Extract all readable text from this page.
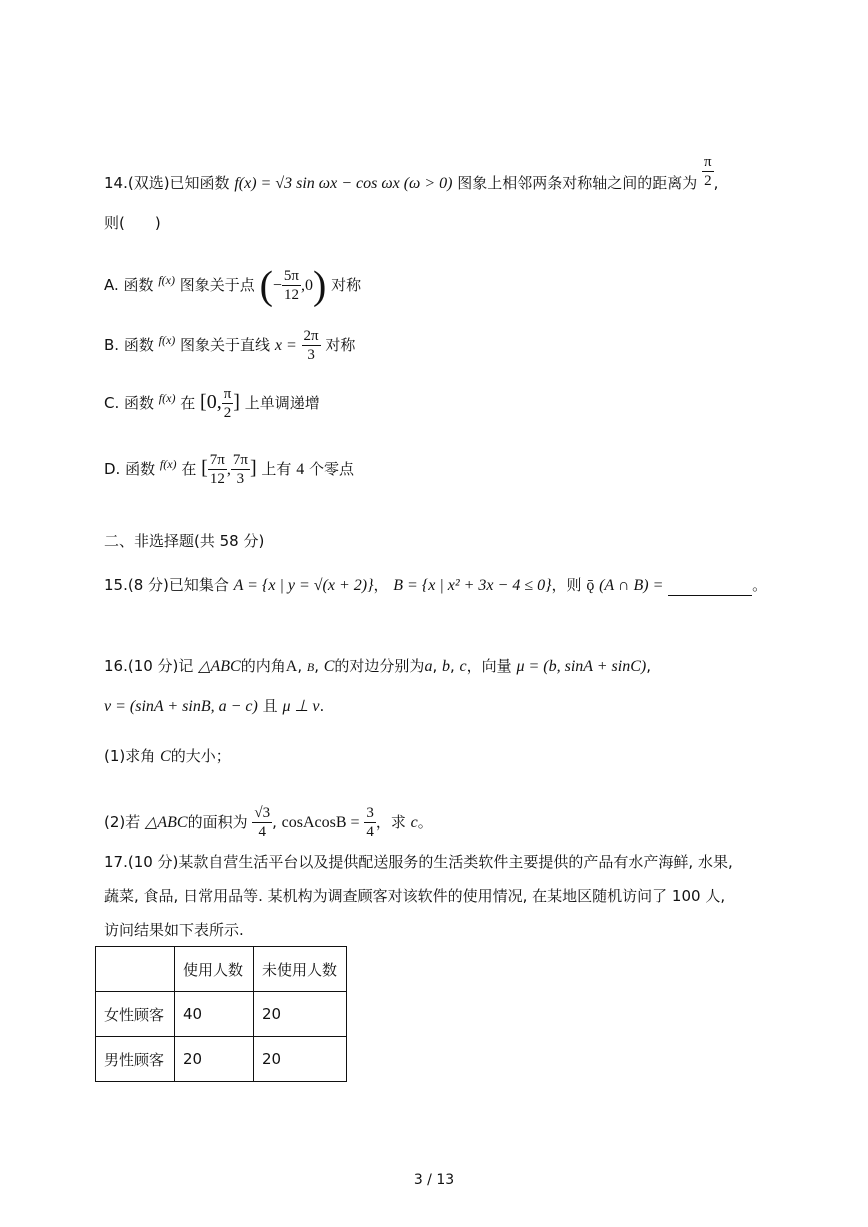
14.(双选)已知函数 f(x) = √3 sin ωx − cos ωx (ω > 0) 图象上相邻两条对称轴之间的距离为 $\frac{\pi}{2}$ ,
则(　　)
A. 函数 $^{f(x)}$ 图象关于点 (− $\frac{5\pi}{12} ,0$) 对称
B. 函数 $^{f(x)}$ 图象关于直线 $x = \frac{2\pi}{3}$ 对称
C. 函数 $^{f(x)}$ 在 [0, $\frac{\pi}{2}$ ] 上单调递增
D. 函数 $^{f(x)}$ 在 [ $\frac{7\pi}{12}$ , $\frac{7\pi}{3}$ ] 上有 4 个零点
二、非选择题(共 58 分)
15.(8 分)已知集合 A = {x | y = √(x + 2)}， B = {x | x² + 3x − 4 ≤ 0}，则 ǭ (A ∩ B) =	。
16.(10 分)记 △ABC的内角A, B, C的对边分别为a, b, c，向量 μ = (b, sinA + sinC),
v = (sinA + sinB, a − c) 且 μ ⊥ v.
(1)求角 C的大小；
(2)若 △ABC的面积为 $\frac{√3}{4}$ , cosAcosB = $\frac{3}{4}$ ，求 c。
17.(10 分)某款自营生活平台以及提供配送服务的生活类软件主要提供的产品有水产海鲜, 水果,
蔬菜, 食品, 日常用品等. 某机构为调查顾客对该软件的使用情况, 在某地区随机访问了 100 人,
访问结果如下表所示.
	使用人数	未使用人数
女性顾客	40	20
男性顾客	20	20
3 / 13
